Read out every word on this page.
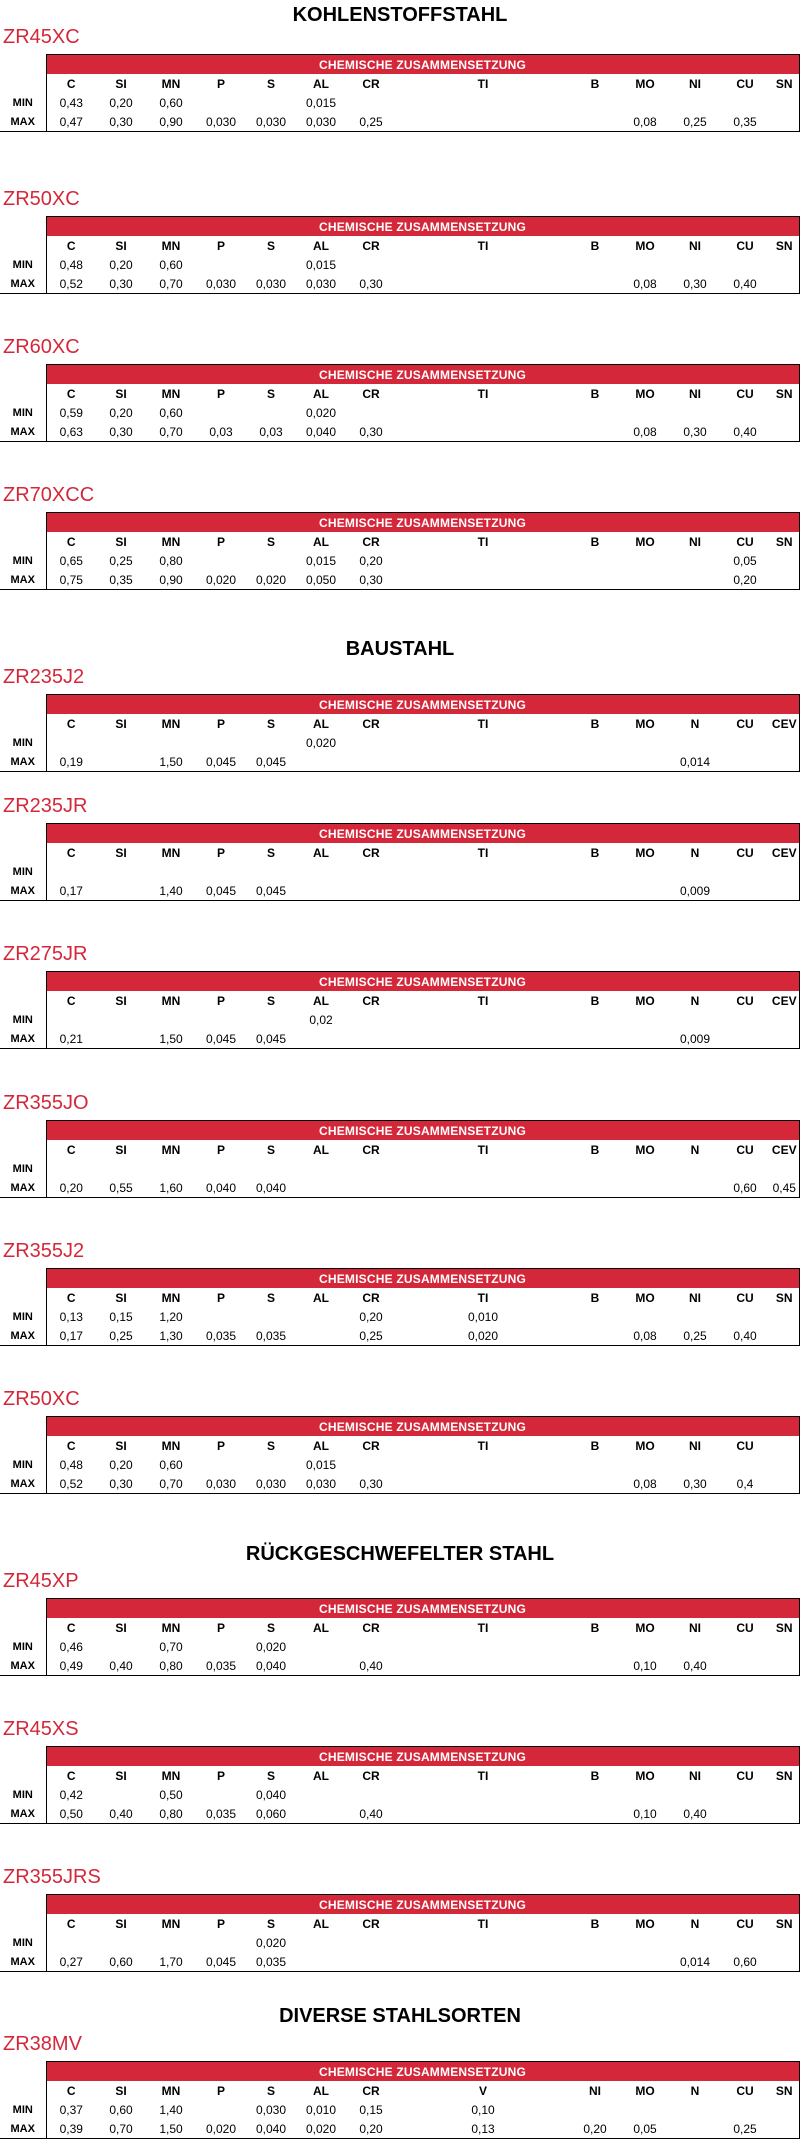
KOHLENSTOFFSTAHL
ZR45XC
	CHEMISCHE ZUSAMMENSETZUNG												
	C	SI	MN	P	S	AL	CR	TI	B	MO	NI	CU	SN
MIN	0,43	0,20	0,60			0,015							
MAX	0,47	0,30	0,90	0,030	0,030	0,030	0,25			0,08	0,25	0,35	
ZR50XC
	CHEMISCHE ZUSAMMENSETZUNG												
	C	SI	MN	P	S	AL	CR	TI	B	MO	NI	CU	SN
MIN	0,48	0,20	0,60			0,015							
MAX	0,52	0,30	0,70	0,030	0,030	0,030	0,30			0,08	0,30	0,40	
ZR60XC
	CHEMISCHE ZUSAMMENSETZUNG												
	C	SI	MN	P	S	AL	CR	TI	B	MO	NI	CU	SN
MIN	0,59	0,20	0,60			0,020							
MAX	0,63	0,30	0,70	0,03	0,03	0,040	0,30			0,08	0,30	0,40	
ZR70XCC
	CHEMISCHE ZUSAMMENSETZUNG												
	C	SI	MN	P	S	AL	CR	TI	B	MO	NI	CU	SN
MIN	0,65	0,25	0,80			0,015	0,20					0,05	
MAX	0,75	0,35	0,90	0,020	0,020	0,050	0,30					0,20	
BAUSTAHL
ZR235J2
	CHEMISCHE ZUSAMMENSETZUNG												
	C	SI	MN	P	S	AL	CR	TI	B	MO	N	CU	CEV
MIN						0,020							
MAX	0,19		1,50	0,045	0,045						0,014		
ZR235JR
	CHEMISCHE ZUSAMMENSETZUNG												
	C	SI	MN	P	S	AL	CR	TI	B	MO	N	CU	CEV
MIN													
MAX	0,17		1,40	0,045	0,045						0,009		
ZR275JR
	CHEMISCHE ZUSAMMENSETZUNG												
	C	SI	MN	P	S	AL	CR	TI	B	MO	N	CU	CEV
MIN						0,02							
MAX	0,21		1,50	0,045	0,045						0,009		
ZR355JO
	CHEMISCHE ZUSAMMENSETZUNG												
	C	SI	MN	P	S	AL	CR	TI	B	MO	N	CU	CEV
MIN													
MAX	0,20	0,55	1,60	0,040	0,040							0,60	0,45
ZR355J2
	CHEMISCHE ZUSAMMENSETZUNG												
	C	SI	MN	P	S	AL	CR	TI	B	MO	NI	CU	SN
MIN	0,13	0,15	1,20				0,20	0,010					
MAX	0,17	0,25	1,30	0,035	0,035		0,25	0,020		0,08	0,25	0,40	
ZR50XC
	CHEMISCHE ZUSAMMENSETZUNG												
	C	SI	MN	P	S	AL	CR	TI	B	MO	NI	CU	
MIN	0,48	0,20	0,60			0,015							
MAX	0,52	0,30	0,70	0,030	0,030	0,030	0,30			0,08	0,30	0,4	
RÜCKGESCHWEFELTER STAHL
ZR45XP
	CHEMISCHE ZUSAMMENSETZUNG												
	C	SI	MN	P	S	AL	CR	TI	B	MO	NI	CU	SN
MIN	0,46		0,70		0,020								
MAX	0,49	0,40	0,80	0,035	0,040		0,40			0,10	0,40		
ZR45XS
	CHEMISCHE ZUSAMMENSETZUNG												
	C	SI	MN	P	S	AL	CR	TI	B	MO	NI	CU	SN
MIN	0,42		0,50		0,040								
MAX	0,50	0,40	0,80	0,035	0,060		0,40			0,10	0,40		
ZR355JRS
	CHEMISCHE ZUSAMMENSETZUNG												
	C	SI	MN	P	S	AL	CR	TI	B	MO	N	CU	SN
MIN					0,020								
MAX	0,27	0,60	1,70	0,045	0,035						0,014	0,60	
DIVERSE STAHLSORTEN
ZR38MV
	CHEMISCHE ZUSAMMENSETZUNG												
	C	SI	MN	P	S	AL	CR	V	NI	MO	N	CU	SN
MIN	0,37	0,60	1,40		0,030	0,010	0,15	0,10					
MAX	0,39	0,70	1,50	0,020	0,040	0,020	0,20	0,13	0,20	0,05		0,25	
